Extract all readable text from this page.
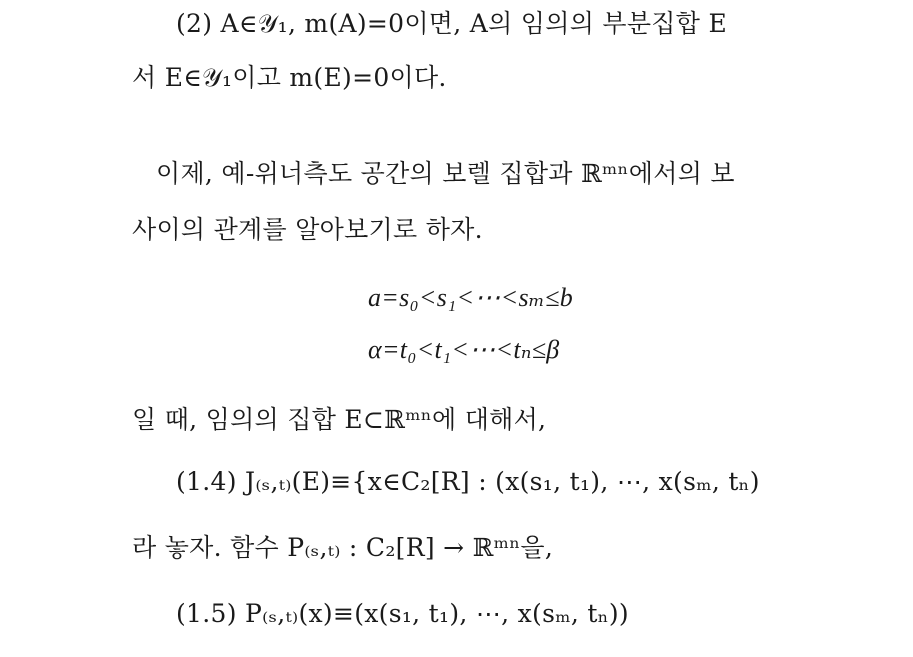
(2) A∈𝒴₁, m(A)=0이면, A의 임의의 부분집합 E
서 E∈𝒴₁이고 m(E)=0이다.
이제, 예-위너측도 공간의 보렐 집합과 ℝᵐⁿ에서의 보
사이의 관계를 알아보기로 하자.
a=s₀<s₁<⋯<sₘ≤b
α=t₀<t₁<⋯<tₙ≤β
일 때, 임의의 집합 E⊂ℝᵐⁿ에 대해서,
(1.4) J₍ₛ,ₜ₎(E)≡{x∈C₂[R] : (x(s₁, t₁), ⋯, x(sₘ, tₙ)
라 놓자. 함수 P₍ₛ,ₜ₎ : C₂[R] → ℝᵐⁿ을,
(1.5) P₍ₛ,ₜ₎(x)≡(x(s₁, t₁), ⋯, x(sₘ, tₙ))
